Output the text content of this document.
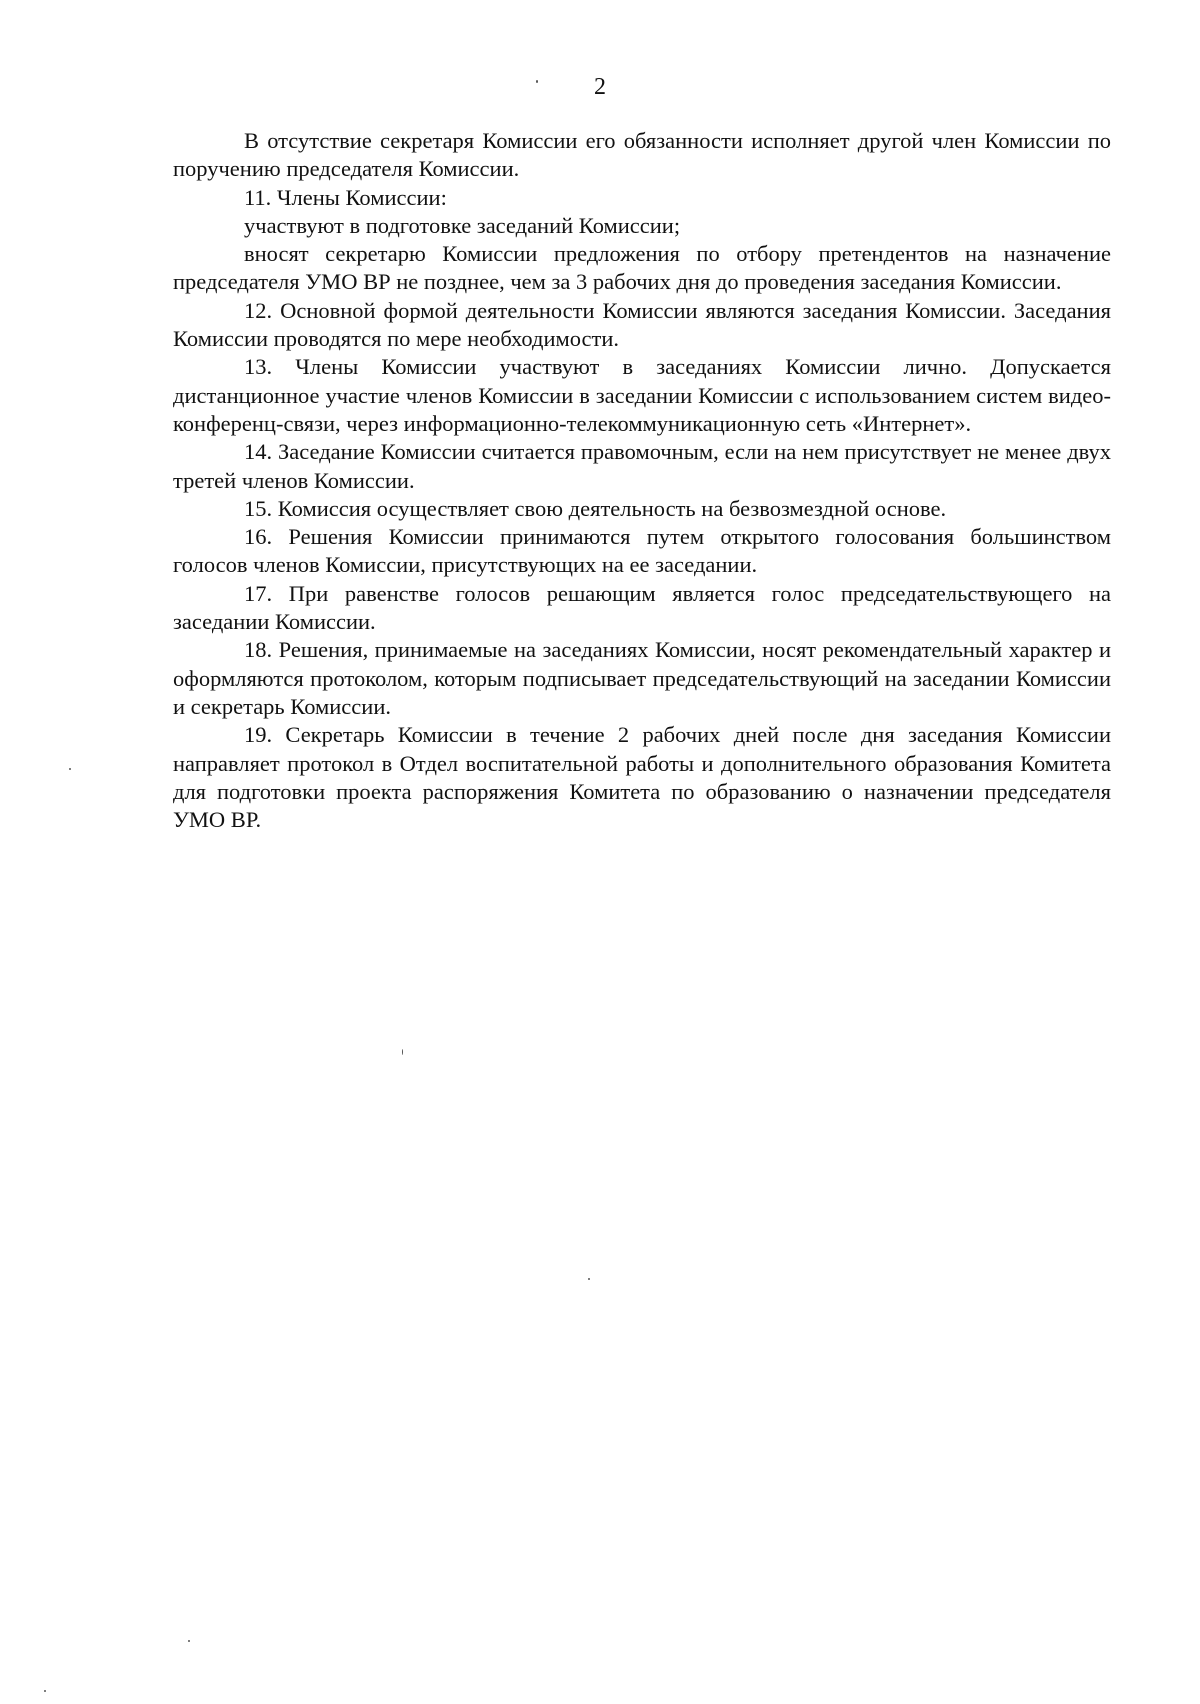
2

В отсутствие секретаря Комиссии его обязанности исполняет другой член Комиссии по поручению председателя Комиссии.

11. Члены Комиссии:

участвуют в подготовке заседаний Комиссии;

вносят секретарю Комиссии предложения по отбору претендентов на назначение председателя УМО ВР не позднее, чем за 3 рабочих дня до проведения заседания Комиссии.

12. Основной формой деятельности Комиссии являются заседания Комиссии. Заседания Комиссии проводятся по мере необходимости.

13. Члены Комиссии участвуют в заседаниях Комиссии лично. Допускается дистанционное участие членов Комиссии в заседании Комиссии с использованием систем видео-конференц-связи, через информационно-телекоммуникационную сеть «Интернет».

14. Заседание Комиссии считается правомочным, если на нем присутствует не менее двух третей членов Комиссии.

15. Комиссия осуществляет свою деятельность на безвозмездной основе.

16. Решения Комиссии принимаются путем открытого голосования большинством голосов членов Комиссии, присутствующих на ее заседании.

17. При равенстве голосов решающим является голос председательствующего на заседании Комиссии.

18. Решения, принимаемые на заседаниях Комиссии, носят рекомендательный характер и оформляются протоколом, которым подписывает председательствующий на заседании Комиссии и секретарь Комиссии.

19. Секретарь Комиссии в течение 2 рабочих дней после дня заседания Комиссии направляет протокол в Отдел воспитательной работы и дополнительного образования Комитета для подготовки проекта распоряжения Комитета по образованию о назначении председателя УМО ВР.
